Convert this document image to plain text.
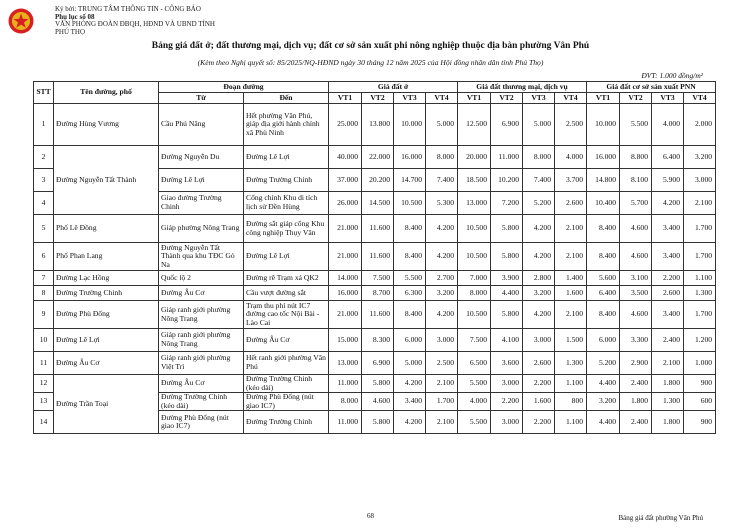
Ký bởi: TRUNG TÂM THÔNG TIN - CÔNG BÁO
Phụ lục số 08
VĂN PHÒNG ĐOÀN ĐBQH, HĐND VÀ UBND TỈNH
PHÚ THỌ
Bảng giá đất ở; đất thương mại, dịch vụ; đất cơ sở sản xuất phi nông nghiệp thuộc địa bàn phường Vân Phú
(Kèm theo Nghị quyết số: 85/2025/NQ-HĐND ngày 30 tháng 12 năm 2025 của Hội đồng nhân dân tỉnh Phú Thọ)
ĐVT: 1.000 đồng/m²
STT	Tên đường, phố	Đoạn đường		Giá đất ở				Giá đất thương mại, dịch vụ				Giá đất cơ sở sản xuất PNN			
		Từ	Đến	VT1	VT2	VT3	VT4	VT1	VT2	VT3	VT4	VT1	VT2	VT3	VT4
1	Đường Hùng Vương	Cầu Phú Nâng	Hết phường Vân Phú, giáp địa giới hành chính xã Phù Ninh	25.000	13.800	10.000	5.000	12.500	6.900	5.000	2.500	10.000	5.500	4.000	2.000
2	Đường Nguyễn Tất Thành	Đường Nguyễn Du	Đường Lê Lợi	40.000	22.000	16.000	8.000	20.000	11.000	8.000	4.000	16.000	8.800	6.400	3.200
3		Đường Lê Lợi	Đường Trường Chinh	37.000	20.200	14.700	7.400	18.500	10.200	7.400	3.700	14.800	8.100	5.900	3.000
4		Giao đường Trường Chinh	Cổng chính Khu di tích lịch sử Đền Hùng	26.000	14.500	10.500	5.300	13.000	7.200	5.200	2.600	10.400	5.700	4.200	2.100
5	Phố Lê Đồng	Giáp phường Nông Trang	Đường sắt giáp cổng Khu công nghiệp Thụy Vân	21.000	11.600	8.400	4.200	10.500	5.800	4.200	2.100	8.400	4.600	3.400	1.700
6	Phố Phan Lang	Đường Nguyễn Tất Thành qua khu TĐC Gò Na	Đường Lê Lợi	21.000	11.600	8.400	4.200	10.500	5.800	4.200	2.100	8.400	4.600	3.400	1.700
7	Đường Lạc Hồng	Quốc lộ 2	Đường rẽ Trạm xá QK2	14.000	7.500	5.500	2.700	7.000	3.900	2.800	1.400	5.600	3.100	2.200	1.100
8	Đường Trường Chinh	Đường Âu Cơ	Cầu vượt đường sắt	16.000	8.700	6.300	3.200	8.000	4.400	3.200	1.600	6.400	3.500	2.600	1.300
9	Đường Phù Đổng	Giáp ranh giới phường Nông Trang	Trạm thu phí nút IC7 đường cao tốc Nội Bài - Lào Cai	21.000	11.600	8.400	4.200	10.500	5.800	4.200	2.100	8.400	4.600	3.400	1.700
10	Đường Lê Lợi	Giáp ranh giới phường Nông Trang	Đường Âu Cơ	15.000	8.300	6.000	3.000	7.500	4.100	3.000	1.500	6.000	3.300	2.400	1.200
11	Đường Âu Cơ	Giáp ranh giới phường Việt Trì	Hết ranh giới phường Vân Phú	13.000	6.900	5.000	2.500	6.500	3.600	2.600	1.300	5.200	2.900	2.100	1.000
12	Đường Trần Toại	Đường Âu Cơ	Đường Trường Chinh (kéo dài)	11.000	5.800	4.200	2.100	5.500	3.000	2.200	1.100	4.400	2.400	1.800	900
13		Đường Trường Chinh (kéo dài)	Đường Phù Đổng (nút giao IC7)	8.000	4.600	3.400	1.700	4.000	2.200	1.600	800	3.200	1.800	1.300	600
14		Đường Phù Đổng (nút giao IC7)	Đường Trường Chinh	11.000	5.800	4.200	2.100	5.500	3.000	2.200	1.100	4.400	2.400	1.800	900
68	Bảng giá đất phường Vân Phú
